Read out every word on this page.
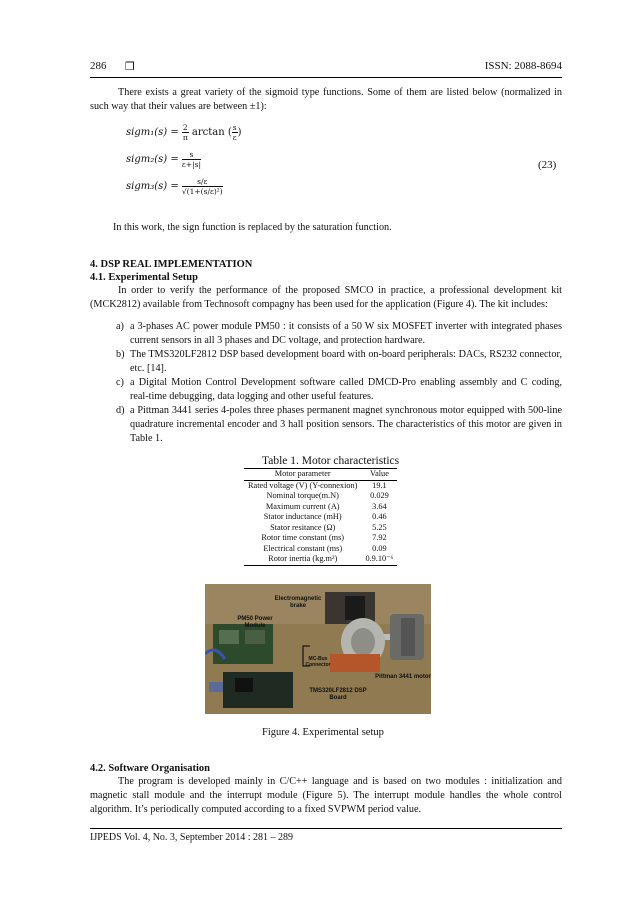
286 ❒	ISSN: 2088-8694
There exists a great variety of the sigmoid type functions. Some of them are listed below (normalized in such way that their values are between ±1):
sigm₁(s) = $\frac{2}{\pi}$ arctan ( $\frac{s}{\varepsilon}$ )
sigm₂(s) = $\frac{s}{\varepsilon+|s|}$
sigm₃(s) = $\frac{s/\varepsilon}{\text{√(1+(s/ε)²)}}$
(23)
In this work, the sign function is replaced by the saturation function.
4. DSP REAL IMPLEMENTATION
4.1. Experimental Setup
In order to verify the performance of the proposed SMCO in practice, a professional development kit (MCK2812) available from Technosoft compagny has been used for the application (Figure 4). The kit includes:
a) a 3-phases AC power module PM50 : it consists of a 50 W six MOSFET inverter with integrated phases current sensors in all 3 phases and DC voltage, and protection hardware.
b) The TMS320LF2812 DSP based development board with on-board peripherals: DACs, RS232 connector, etc. [14].
c) a Digital Motion Control Development software called DMCD-Pro enabling assembly and C coding, real-time debugging, data logging and other useful features.
d) a Pittman 3441 series 4-poles three phases permanent magnet synchronous motor equipped with 500-line quadrature incremental encoder and 3 hall position sensors. The characteristics of this motor are given in Table 1.
Table 1. Motor characteristics
Motor parameter	Value
Rated voltage (V) (Y-connexion)	19.1
Nominal torque(m.N)	0.029
Maximum current (A)	3.64
Stator inductance (mH)	0.46
Stator resitance (Ω)	5.25
Rotor time constant (ms)	7.92
Electrical constant (ms)	0.09
Rotor inertia (kg.m²)	0.9.10⁻⁶
Electromagnetic brake
PM50 Power Module
MC-Bus Connector
Pittman 3441 motor
TMS320LF2812 DSP Board
Figure 4. Experimental setup
4.2. Software Organisation
The program is developed mainly in C/C++ language and is based on two modules : initialization and magnetic stall module and the interrupt module (Figure 5). The interrupt module handles the whole control algorithm. It’s periodically computed according to a fixed SVPWM period value.
IJPEDS Vol. 4, No. 3, September 2014 : 281 – 289
